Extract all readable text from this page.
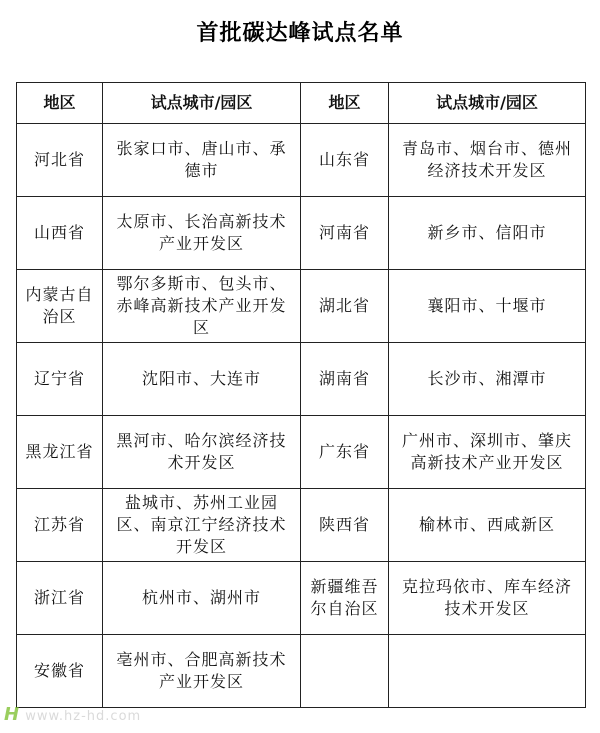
首批碳达峰试点名单
地区	试点城市/园区	地区	试点城市/园区
河北省	张家口市、唐山市、承德市	山东省	青岛市、烟台市、德州经济技术开发区
山西省	太原市、长治高新技术产业开发区	河南省	新乡市、信阳市
内蒙古自治区	鄂尔多斯市、包头市、赤峰高新技术产业开发区	湖北省	襄阳市、十堰市
辽宁省	沈阳市、大连市	湖南省	长沙市、湘潭市
黑龙江省	黑河市、哈尔滨经济技术开发区	广东省	广州市、深圳市、肇庆高新技术产业开发区
江苏省	盐城市、苏州工业园区、南京江宁经济技术开发区	陕西省	榆林市、西咸新区
浙江省	杭州市、湖州市	新疆维吾尔自治区	克拉玛依市、库车经济技术开发区
安徽省	亳州市、合肥高新技术产业开发区		
H www.hz-hd.com
